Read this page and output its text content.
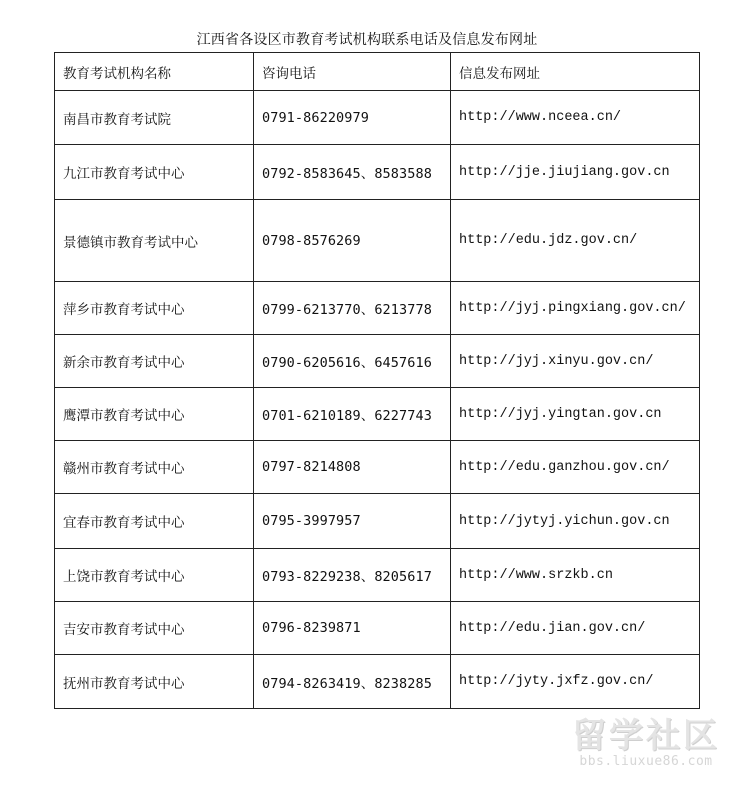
江西省各设区市教育考试机构联系电话及信息发布网址
教育考试机构名称	咨询电话	信息发布网址
南昌市教育考试院	0791-86220979	http://www.nceea.cn/
九江市教育考试中心	0792-8583645、8583588	http://jje.jiujiang.gov.cn
景德镇市教育考试中心	0798-8576269	http://edu.jdz.gov.cn/
萍乡市教育考试中心	0799-6213770、6213778	http://jyj.pingxiang.gov.cn/
新余市教育考试中心	0790-6205616、6457616	http://jyj.xinyu.gov.cn/
鹰潭市教育考试中心	0701-6210189、6227743	http://jyj.yingtan.gov.cn
赣州市教育考试中心	0797-8214808	http://edu.ganzhou.gov.cn/
宜春市教育考试中心	0795-3997957	http://jytyj.yichun.gov.cn
上饶市教育考试中心	0793-8229238、8205617	http://www.srzkb.cn
吉安市教育考试中心	0796-8239871	http://edu.jian.gov.cn/
抚州市教育考试中心	0794-8263419、8238285	http://jyty.jxfz.gov.cn/
留学社区
bbs.liuxue86.com
